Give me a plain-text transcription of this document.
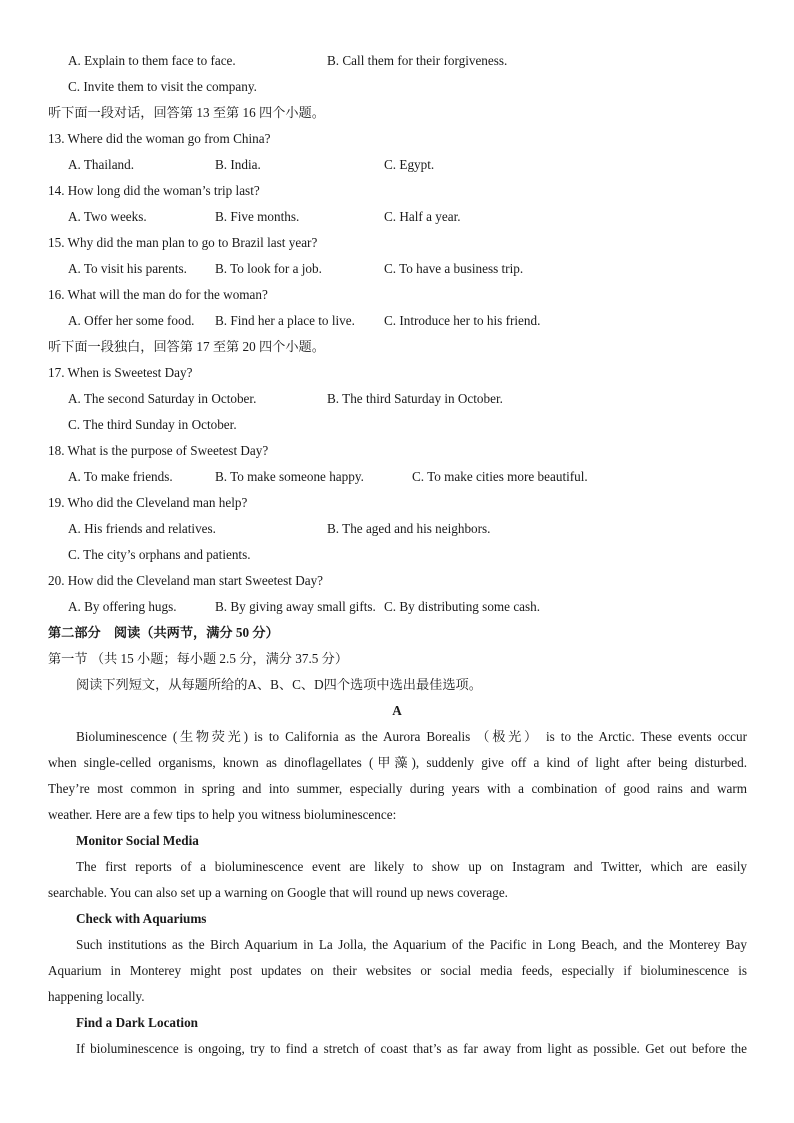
A. Explain to them face to face.	B. Call them for their forgiveness.
C. Invite them to visit the company.
听下面一段对话，回答第 13 至第 16 四个小题。
13. Where did the woman go from China?
A. Thailand.	B. India.	C. Egypt.
14. How long did the woman’s trip last?
A. Two weeks.	B. Five months.	C. Half a year.
15. Why did the man plan to go to Brazil last year?
A. To visit his parents. B. To look for a job.	C. To have a business trip.
16. What will the man do for the woman?
A. Offer her some food. B. Find her a place to live. C. Introduce her to his friend.
听下面一段独白，回答第 17 至第 20 四个小题。
17. When is Sweetest Day?
A. The second Saturday in October.	B. The third Saturday in October.
C. The third Sunday in October.
18. What is the purpose of Sweetest Day?
A. To make friends.	B. To make someone happy.	C. To make cities more beautiful.
19. Who did the Cleveland man help?
A. His friends and relatives.	B. The aged and his neighbors.
C. The city’s orphans and patients.
20. How did the Cleveland man start Sweetest Day?
A. By offering hugs.	B. By giving away small gifts. C. By distributing some cash.
第二部分　阅读（共两节，满分 50 分）
第一节 （共 15 小题；每小题 2.5 分，满分 37.5 分）
阅读下列短文，从每题所给的A、B、C、D四个选项中选出最佳选项。
A
Bioluminescence (生物荧光) is to California as the Aurora Borealis （极光） is to the Arctic. These events occur
when single-celled organisms, known as dinoflagellates (甲藻), suddenly give off a kind of light after being disturbed.
They’re most common in spring and into summer, especially during years with a combination of good rains and warm
weather. Here are a few tips to help you witness bioluminescence:
Monitor Social Media
The first reports of a bioluminescence event are likely to show up on Instagram and Twitter, which are easily
searchable. You can also set up a warning on Google that will round up news coverage.
Check with Aquariums
Such institutions as the Birch Aquarium in La Jolla, the Aquarium of the Pacific in Long Beach, and the Monterey Bay
Aquarium in Monterey might post updates on their websites or social media feeds, especially if bioluminescence is
happening locally.
Find a Dark Location
If bioluminescence is ongoing, try to find a stretch of coast that’s as far away from light as possible. Get out before the
